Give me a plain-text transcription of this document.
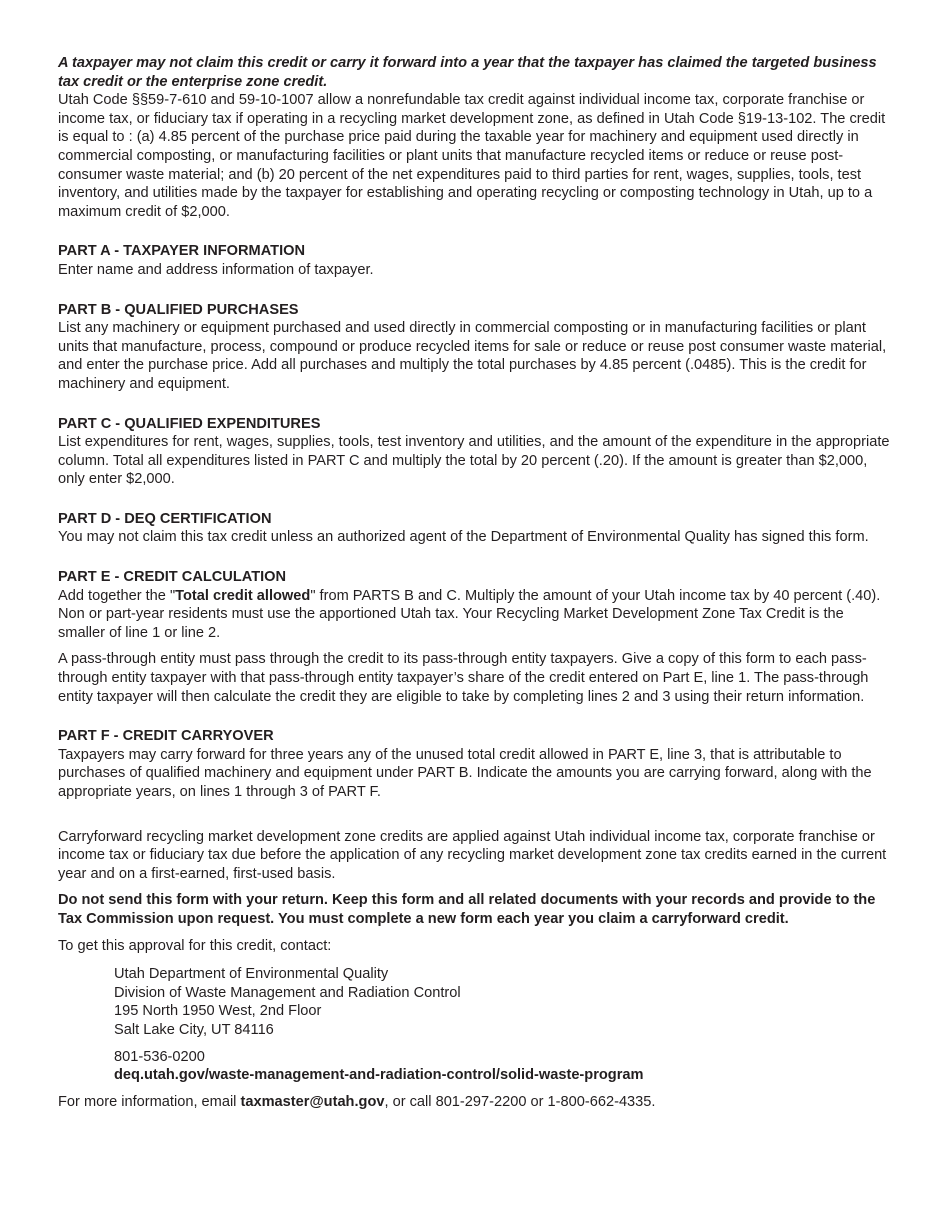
A taxpayer may not claim this credit or carry it forward into a year that the taxpayer has claimed the targeted business tax credit or the enterprise zone credit.

Utah Code §§59-7-610 and 59-10-1007 allow a nonrefundable tax credit against individual income tax, corporate franchise or income tax, or fiduciary tax if operating in a recycling market development zone, as defined in Utah Code §19-13-102. The credit is equal to : (a) 4.85 percent of the purchase price paid during the taxable year for machinery and equipment used directly in commercial composting, or manufacturing facilities or plant units that manufacture recycled items or reduce or reuse post-consumer waste material; and (b) 20 percent of the net expenditures paid to third parties for rent, wages, supplies, tools, test inventory, and utilities made by the taxpayer for establishing and operating recycling or composting technology in Utah, up to a maximum credit of $2,000.

PART A - TAXPAYER INFORMATION

Enter name and address information of taxpayer.

PART B - QUALIFIED PURCHASES

List any machinery or equipment purchased and used directly in commercial composting or in manufacturing facilities or plant units that manufacture, process, compound or produce recycled items for sale or reduce or reuse post consumer waste material, and enter the purchase price. Add all purchases and multiply the total purchases by 4.85 percent (.0485). This is the credit for machinery and equipment.

PART C - QUALIFIED EXPENDITURES

List expenditures for rent, wages, supplies, tools, test inventory and utilities, and the amount of the expenditure in the appropriate column. Total all expenditures listed in PART C and multiply the total by 20 percent (.20). If the amount is greater than $2,000, only enter $2,000.

PART D - DEQ CERTIFICATION

You may not claim this tax credit unless an authorized agent of the Department of Environmental Quality has signed this form.

PART E - CREDIT CALCULATION

Add together the "Total credit allowed" from PARTS B and C. Multiply the amount of your Utah income tax by 40 percent (.40). Non or part-year residents must use the apportioned Utah tax. Your Recycling Market Development Zone Tax Credit is the smaller of line 1 or line 2.

A pass-through entity must pass through the credit to its pass-through entity taxpayers. Give a copy of this form to each pass-through entity taxpayer with that pass-through entity taxpayer’s share of the credit entered on Part E, line 1. The pass-through entity taxpayer will then calculate the credit they are eligible to take by completing lines 2 and 3 using their return information.

PART F - CREDIT CARRYOVER

Taxpayers may carry forward for three years any of the unused total credit allowed in PART E, line 3, that is attributable to purchases of qualified machinery and equipment under PART B. Indicate the amounts you are carrying forward, along with the appropriate years, on lines 1 through 3 of PART F.

Carryforward recycling market development zone credits are applied against Utah individual income tax, corporate franchise or income tax or fiduciary tax due before the application of any recycling market development zone tax credits earned in the current year and on a first-earned, first-used basis.

Do not send this form with your return. Keep this form and all related documents with your records and provide to the Tax Commission upon request. You must complete a new form each year you claim a carryforward credit.

To get this approval for this credit, contact:

Utah Department of Environmental Quality

Division of Waste Management and Radiation Control

195 North 1950 West, 2nd Floor

Salt Lake City, UT 84116

801-536-0200

deq.utah.gov/waste-management-and-radiation-control/solid-waste-program

For more information, email taxmaster@utah.gov, or call 801-297-2200 or 1-800-662-4335.
